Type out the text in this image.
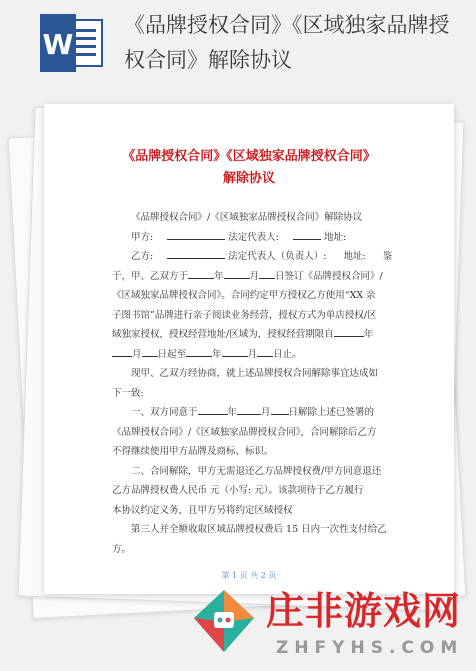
W
《品牌授权合同》《区域独家品牌授权合同》解除协议
《品牌授权合同》《区域独家品牌授权合同》
解除协议

《品牌授权合同》/《区域独家品牌授权合同》解除协议

甲方:	法定代表人:	地址:

乙方:	法定代表人（负责人）: 地址: 鉴

于，甲、乙双方于	年	月 日签订《品牌授权合同》/

《区域独家品牌授权合同》。合同约定甲方授权乙方使用“XX 亲

子图书馆”品牌进行亲子阅读业务经营，授权方式为单店授权/区

域独家授权，授权经营地址/区域为，授权经营期限自	年

月 日起至	年	月 日止。

现甲、乙双方经协商，就上述品牌授权合同解除事宜达成如

下一致:

一、双方同意于	年	月 日解除上述已签署的

《品牌授权合同》/《区域独家品牌授权合同》，合同解除后乙方

不得继续使用甲方品牌及商标、标识。

二、合同解除，甲方无需退还乙方品牌授权费/甲方同意退还

乙方品牌授权费人民币 元（小写: 元）。该款项待于乙方履行

本协议约定义务，且甲方另将约定区域授权

第三人并全额收取区域品牌授权费后 15 日内一次性支付给乙

方。

第 1 页 共 2 页
庄非游戏网
ZHFYHS.COM
